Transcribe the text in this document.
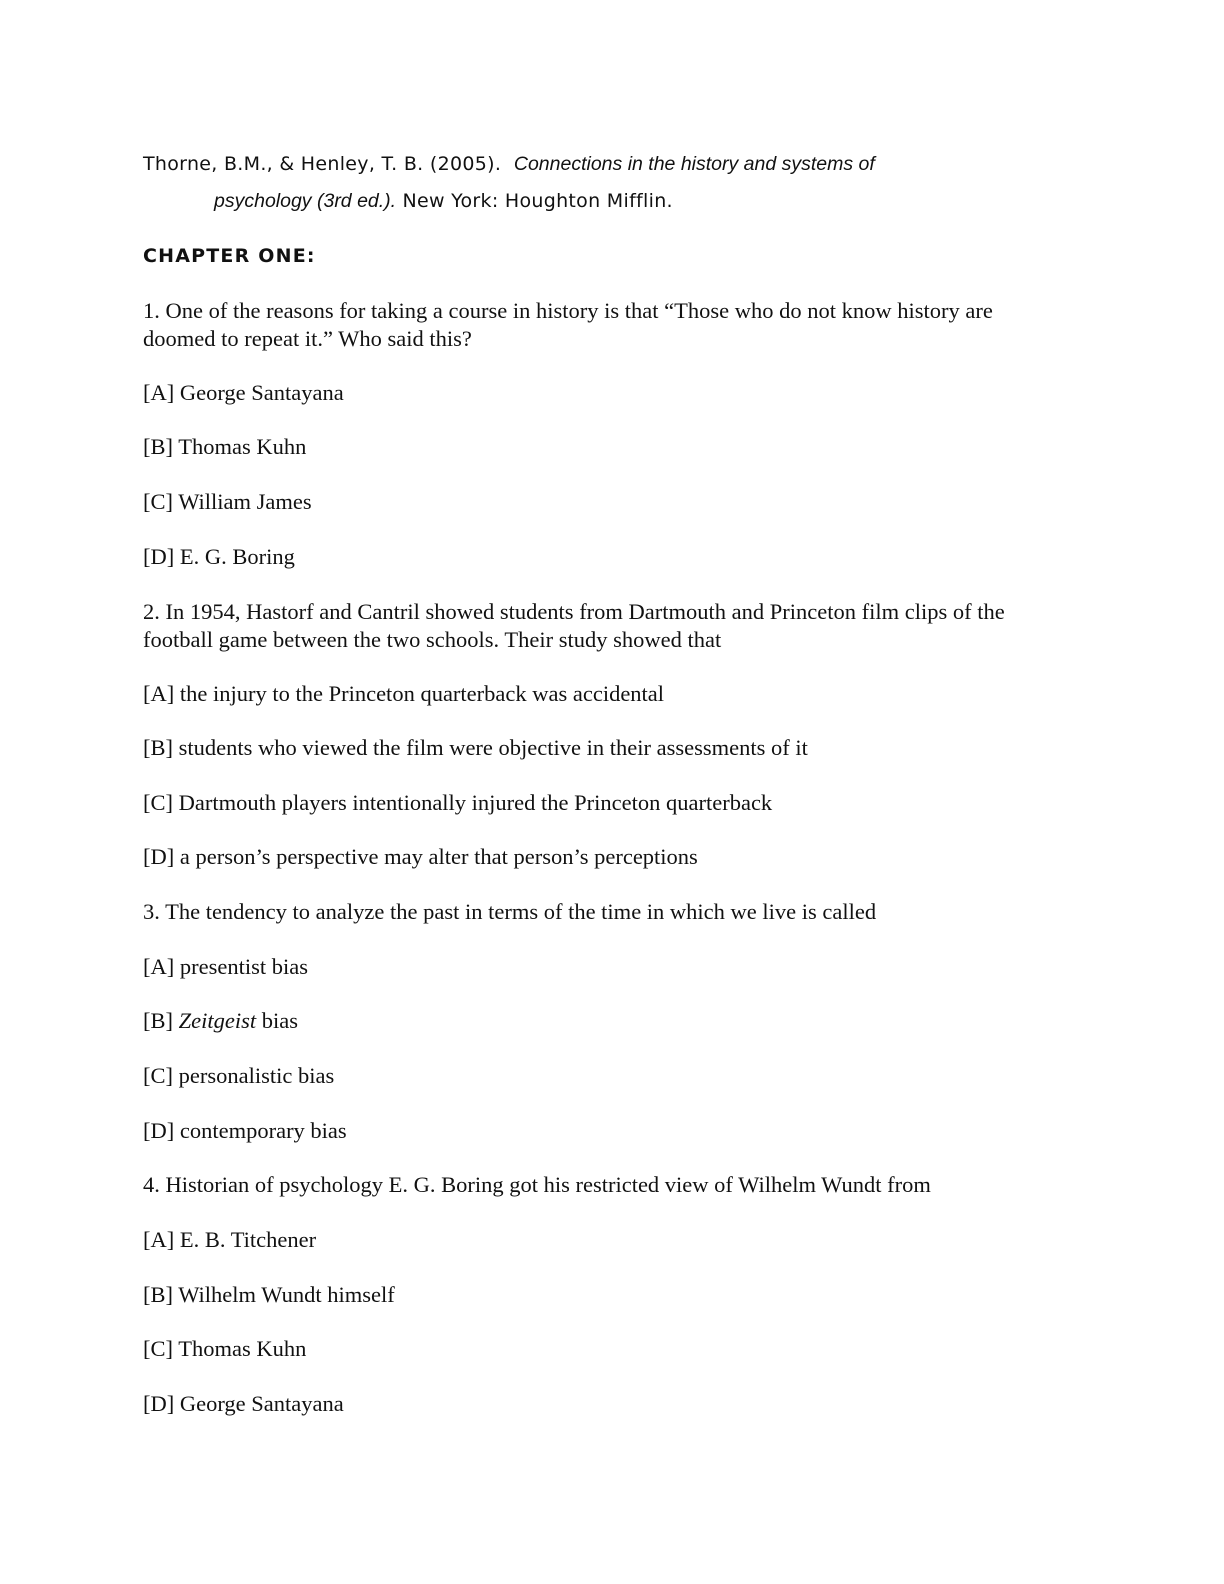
Thorne, B.M., & Henley, T. B. (2005). Connections in the history and systems of
psychology (3rd ed.). New York: Houghton Mifflin.
CHAPTER ONE:

1. One of the reasons for taking a course in history is that “Those who do not know history are
doomed to repeat it.” Who said this?

[A] George Santayana

[B] Thomas Kuhn

[C] William James

[D] E. G. Boring

2. In 1954, Hastorf and Cantril showed students from Dartmouth and Princeton film clips of the
football game between the two schools. Their study showed that

[A] the injury to the Princeton quarterback was accidental

[B] students who viewed the film were objective in their assessments of it

[C] Dartmouth players intentionally injured the Princeton quarterback

[D] a person’s perspective may alter that person’s perceptions

3. The tendency to analyze the past in terms of the time in which we live is called

[A] presentist bias

[B] Zeitgeist bias

[C] personalistic bias

[D] contemporary bias

4. Historian of psychology E. G. Boring got his restricted view of Wilhelm Wundt from

[A] E. B. Titchener

[B] Wilhelm Wundt himself

[C] Thomas Kuhn

[D] George Santayana
